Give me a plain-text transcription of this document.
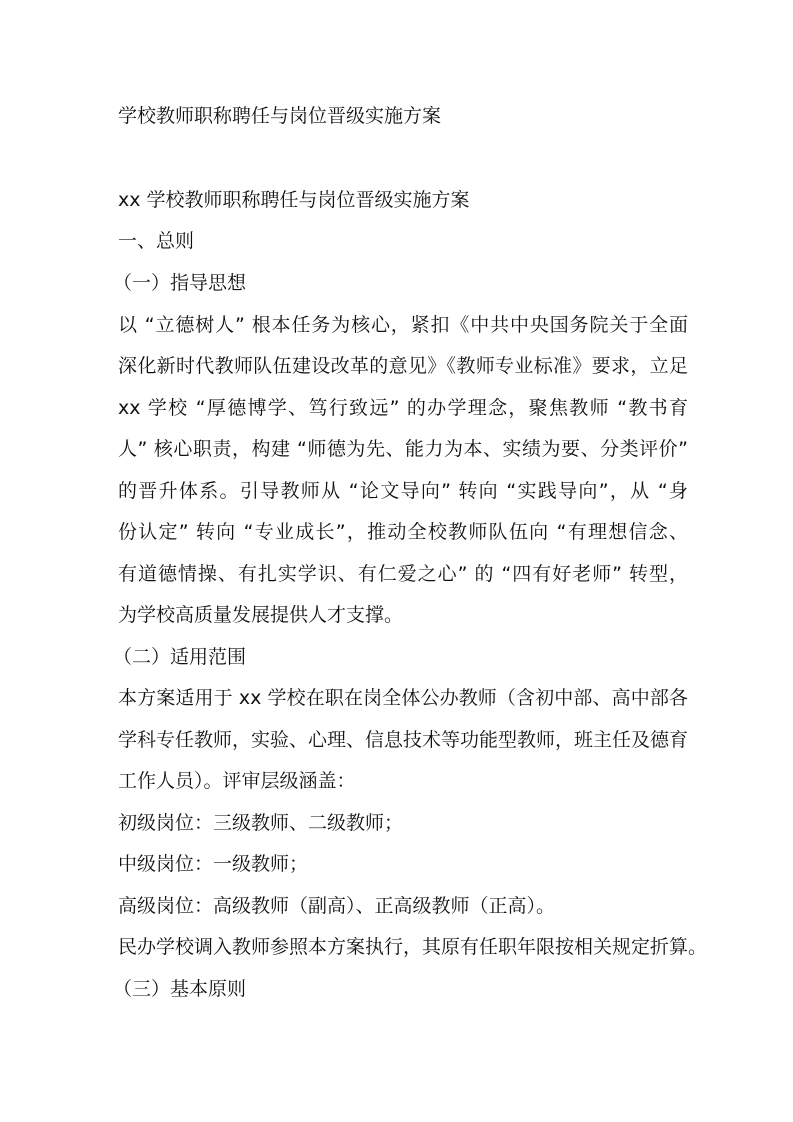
学校教师职称聘任与岗位晋级实施方案
xx 学校教师职称聘任与岗位晋级实施方案
一、总则
（一）指导思想
以 “立德树人” 根本任务为核心，紧扣《中共中央国务院关于全面
深化新时代教师队伍建设改革的意见》《教师专业标准》要求，立足
xx 学校 “厚德博学、笃行致远” 的办学理念，聚焦教师 “教书育
人” 核心职责，构建 “师德为先、能力为本、实绩为要、分类评价”
的晋升体系。引导教师从 “论文导向” 转向 “实践导向”，从 “身
份认定” 转向 “专业成长”，推动全校教师队伍向 “有理想信念、
有道德情操、有扎实学识、有仁爱之心” 的 “四有好老师” 转型，
为学校高质量发展提供人才支撑。
（二）适用范围
本方案适用于 xx 学校在职在岗全体公办教师（含初中部、高中部各
学科专任教师，实验、心理、信息技术等功能型教师，班主任及德育
工作人员）。评审层级涵盖：
初级岗位：三级教师、二级教师；
中级岗位：一级教师；
高级岗位：高级教师（副高）、正高级教师（正高）。
民办学校调入教师参照本方案执行，其原有任职年限按相关规定折算。
（三）基本原则
